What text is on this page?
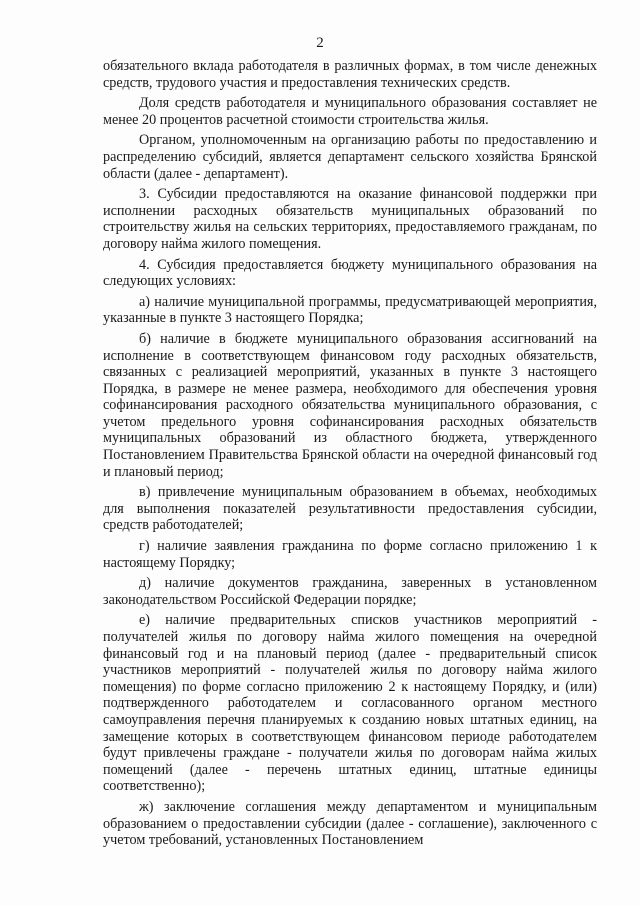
2

обязательного вклада работодателя в различных формах, в том числе денежных средств, трудового участия и предоставления технических средств.

Доля средств работодателя и муниципального образования составляет не менее 20 процентов расчетной стоимости строительства жилья.

Органом, уполномоченным на организацию работы по предоставлению и распределению субсидий, является департамент сельского хозяйства Брянской области (далее - департамент).

3. Субсидии предоставляются на оказание финансовой поддержки при исполнении расходных обязательств муниципальных образований по строительству жилья на сельских территориях, предоставляемого гражданам, по договору найма жилого помещения.

4. Субсидия предоставляется бюджету муниципального образования на следующих условиях:

а) наличие муниципальной программы, предусматривающей мероприятия, указанные в пункте 3 настоящего Порядка;

б) наличие в бюджете муниципального образования ассигнований на исполнение в соответствующем финансовом году расходных обязательств, связанных с реализацией мероприятий, указанных в пункте 3 настоящего Порядка, в размере не менее размера, необходимого для обеспечения уровня софинансирования расходного обязательства муниципального образования, с учетом предельного уровня софинансирования расходных обязательств муниципальных образований из областного бюджета, утвержденного Постановлением Правительства Брянской области на очередной финансовый год и плановый период;

в) привлечение муниципальным образованием в объемах, необходимых для выполнения показателей результативности предоставления субсидии, средств работодателей;

г) наличие заявления гражданина по форме согласно приложению 1 к настоящему Порядку;

д) наличие документов гражданина, заверенных в установленном законодательством Российской Федерации порядке;

е) наличие предварительных списков участников мероприятий - получателей жилья по договору найма жилого помещения на очередной финансовый год и на плановый период (далее - предварительный список участников мероприятий - получателей жилья по договору найма жилого помещения) по форме согласно приложению 2 к настоящему Порядку, и (или) подтвержденного работодателем и согласованного органом местного самоуправления перечня планируемых к созданию новых штатных единиц, на замещение которых в соответствующем финансовом периоде работодателем будут привлечены граждане - получатели жилья по договорам найма жилых помещений (далее - перечень штатных единиц, штатные единицы соответственно);

ж) заключение соглашения между департаментом и муниципальным образованием о предоставлении субсидии (далее - соглашение), заключенного с учетом требований, установленных Постановлением
